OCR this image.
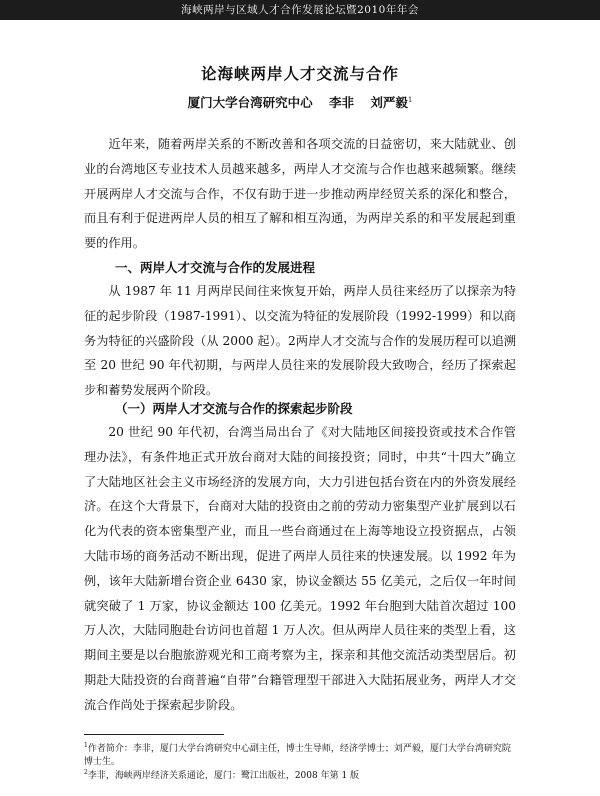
海峡两岸与区域人才合作发展论坛暨2010年年会
论海峡两岸人才交流与合作
厦门大学台湾研究中心 李非 刘严毅$^1$

近年来，随着两岸关系的不断改善和各项交流的日益密切，来大陆就业、创业的台湾地区专业技术人员越来越多，两岸人才交流与合作也越来越频繁。继续开展两岸人才交流与合作，不仅有助于进一步推动两岸经贸关系的深化和整合，而且有利于促进两岸人员的相互了解和相互沟通，为两岸关系的和平发展起到重要的作用。

一、两岸人才交流与合作的发展进程

从 1987 年 11 月两岸民间往来恢复开始，两岸人员往来经历了以探亲为特征的起步阶段（1987-1991）、以交流为特征的发展阶段（1992-1999）和以商务为特征的兴盛阶段（从 2000 起）。2两岸人才交流与合作的发展历程可以追溯至 20 世纪 90 年代初期，与两岸人员往来的发展阶段大致吻合，经历了探索起步和蓄势发展两个阶段。

（一）两岸人才交流与合作的探索起步阶段

20 世纪 90 年代初，台湾当局出台了《对大陆地区间接投资或技术合作管理办法》，有条件地正式开放台商对大陆的间接投资；同时，中共“十四大”确立了大陆地区社会主义市场经济的发展方向，大力引进包括台资在内的外资发展经济。在这个大背景下，台商对大陆的投资由之前的劳动力密集型产业扩展到以石化为代表的资本密集型产业，而且一些台商通过在上海等地设立投资据点，占领大陆市场的商务活动不断出现，促进了两岸人员往来的快速发展。以 1992 年为例，该年大陆新增台资企业 6430 家，协议金额达 55 亿美元，之后仅一年时间就突破了 1 万家，协议金额达 100 亿美元。1992 年台胞到大陆首次超过 100 万人次，大陆同胞赴台访问也首超 1 万人次。但从两岸人员往来的类型上看，这期间主要是以台胞旅游观光和工商考察为主，探亲和其他交流活动类型居后。初期赴大陆投资的台商普遍“自带”台籍管理型干部进入大陆拓展业务，两岸人才交流合作尚处于探索起步阶段。

$^1$作者简介：李非，厦门大学台湾研究中心副主任，博士生导师，经济学博士；刘严毅，厦门大学台湾研究院博士生。

$^2$李非，海峡两岸经济关系通论，厦门：鹭江出版社，2008 年第 1 版
